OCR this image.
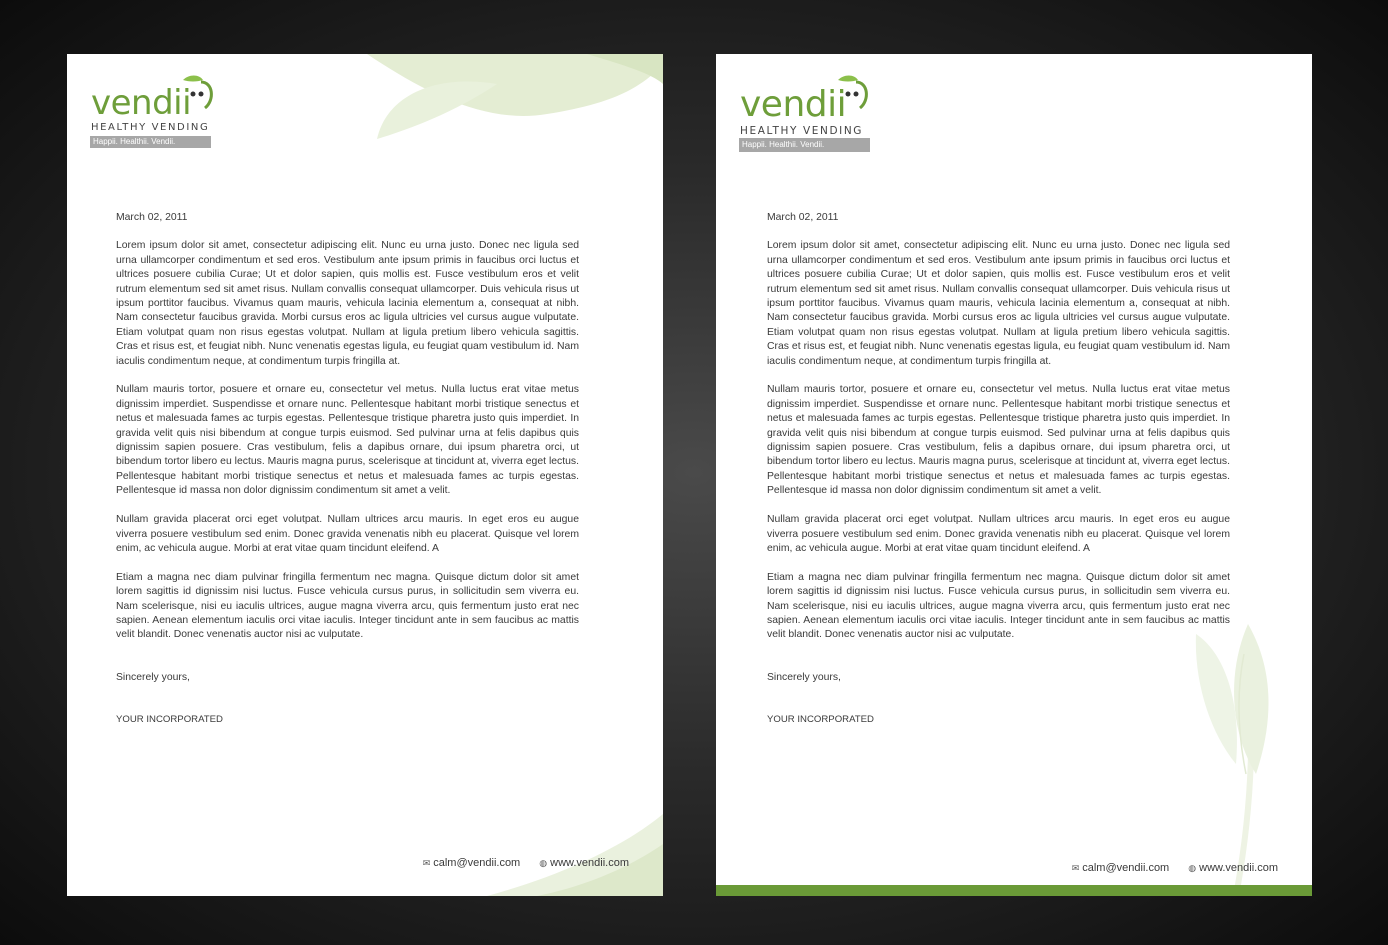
vendii
HEALTHY VENDING
Happii. Healthii. Vendii.
March 02, 2011

Lorem ipsum dolor sit amet, consectetur adipiscing elit. Nunc eu urna justo. Donec nec ligula sed urna ullamcorper condimentum et sed eros. Vestibulum ante ipsum primis in faucibus orci luctus et ultrices posuere cubilia Curae; Ut et dolor sapien, quis mollis est. Fusce vestibulum eros et velit rutrum elementum sed sit amet risus. Nullam convallis consequat ullamcorper. Duis vehicula risus ut ipsum porttitor faucibus. Vivamus quam mauris, vehicula lacinia elementum a, consequat at nibh. Nam consectetur faucibus gravida. Morbi cursus eros ac ligula ultricies vel cursus augue vulputate. Etiam volutpat quam non risus egestas volutpat. Nullam at ligula pretium libero vehicula sagittis. Cras et risus est, et feugiat nibh. Nunc venenatis egestas ligula, eu feugiat quam vestibulum id. Nam iaculis condimentum neque, at condimentum turpis fringilla at.

Nullam mauris tortor, posuere et ornare eu, consectetur vel metus. Nulla luctus erat vitae metus dignissim imperdiet. Suspendisse et ornare nunc. Pellentesque habitant morbi tristique senectus et netus et malesuada fames ac turpis egestas. Pellentesque tristique pharetra justo quis imperdiet. In gravida velit quis nisi bibendum at congue turpis euismod. Sed pulvinar urna at felis dapibus quis dignissim sapien posuere. Cras vestibulum, felis a dapibus ornare, dui ipsum pharetra orci, ut bibendum tortor libero eu lectus. Mauris magna purus, scelerisque at tincidunt at, viverra eget lectus. Pellentesque habitant morbi tristique senectus et netus et malesuada fames ac turpis egestas. Pellentesque id massa non dolor dignissim condimentum sit amet a velit.

Nullam gravida placerat orci eget volutpat. Nullam ultrices arcu mauris. In eget eros eu augue viverra posuere vestibulum sed enim. Donec gravida venenatis nibh eu placerat. Quisque vel lorem enim, ac vehicula augue. Morbi at erat vitae quam tincidunt eleifend. A

Etiam a magna nec diam pulvinar fringilla fermentum nec magna. Quisque dictum dolor sit amet lorem sagittis id dignissim nisi luctus. Fusce vehicula cursus purus, in sollicitudin sem viverra eu. Nam scelerisque, nisi eu iaculis ultrices, augue magna viverra arcu, quis fermentum justo erat nec sapien. Aenean elementum iaculis orci vitae iaculis. Integer tincidunt ante in sem faucibus ac mattis velit blandit. Donec venenatis auctor nisi ac vulputate.

Sincerely yours,
YOUR INCORPORATED
✉ calm@vendii.com ◍ www.vendii.com
vendii
HEALTHY VENDING
Happii. Healthii. Vendii.
March 02, 2011

Lorem ipsum dolor sit amet, consectetur adipiscing elit. Nunc eu urna justo. Donec nec ligula sed urna ullamcorper condimentum et sed eros. Vestibulum ante ipsum primis in faucibus orci luctus et ultrices posuere cubilia Curae; Ut et dolor sapien, quis mollis est. Fusce vestibulum eros et velit rutrum elementum sed sit amet risus. Nullam convallis consequat ullamcorper. Duis vehicula risus ut ipsum porttitor faucibus. Vivamus quam mauris, vehicula lacinia elementum a, consequat at nibh. Nam consectetur faucibus gravida. Morbi cursus eros ac ligula ultricies vel cursus augue vulputate. Etiam volutpat quam non risus egestas volutpat. Nullam at ligula pretium libero vehicula sagittis. Cras et risus est, et feugiat nibh. Nunc venenatis egestas ligula, eu feugiat quam vestibulum id. Nam iaculis condimentum neque, at condimentum turpis fringilla at.

Nullam mauris tortor, posuere et ornare eu, consectetur vel metus. Nulla luctus erat vitae metus dignissim imperdiet. Suspendisse et ornare nunc. Pellentesque habitant morbi tristique senectus et netus et malesuada fames ac turpis egestas. Pellentesque tristique pharetra justo quis imperdiet. In gravida velit quis nisi bibendum at congue turpis euismod. Sed pulvinar urna at felis dapibus quis dignissim sapien posuere. Cras vestibulum, felis a dapibus ornare, dui ipsum pharetra orci, ut bibendum tortor libero eu lectus. Mauris magna purus, scelerisque at tincidunt at, viverra eget lectus. Pellentesque habitant morbi tristique senectus et netus et malesuada fames ac turpis egestas. Pellentesque id massa non dolor dignissim condimentum sit amet a velit.

Nullam gravida placerat orci eget volutpat. Nullam ultrices arcu mauris. In eget eros eu augue viverra posuere vestibulum sed enim. Donec gravida venenatis nibh eu placerat. Quisque vel lorem enim, ac vehicula augue. Morbi at erat vitae quam tincidunt eleifend. A

Etiam a magna nec diam pulvinar fringilla fermentum nec magna. Quisque dictum dolor sit amet lorem sagittis id dignissim nisi luctus. Fusce vehicula cursus purus, in sollicitudin sem viverra eu. Nam scelerisque, nisi eu iaculis ultrices, augue magna viverra arcu, quis fermentum justo erat nec sapien. Aenean elementum iaculis orci vitae iaculis. Integer tincidunt ante in sem faucibus ac mattis velit blandit. Donec venenatis auctor nisi ac vulputate.

Sincerely yours,
YOUR INCORPORATED
✉ calm@vendii.com ◍ www.vendii.com
